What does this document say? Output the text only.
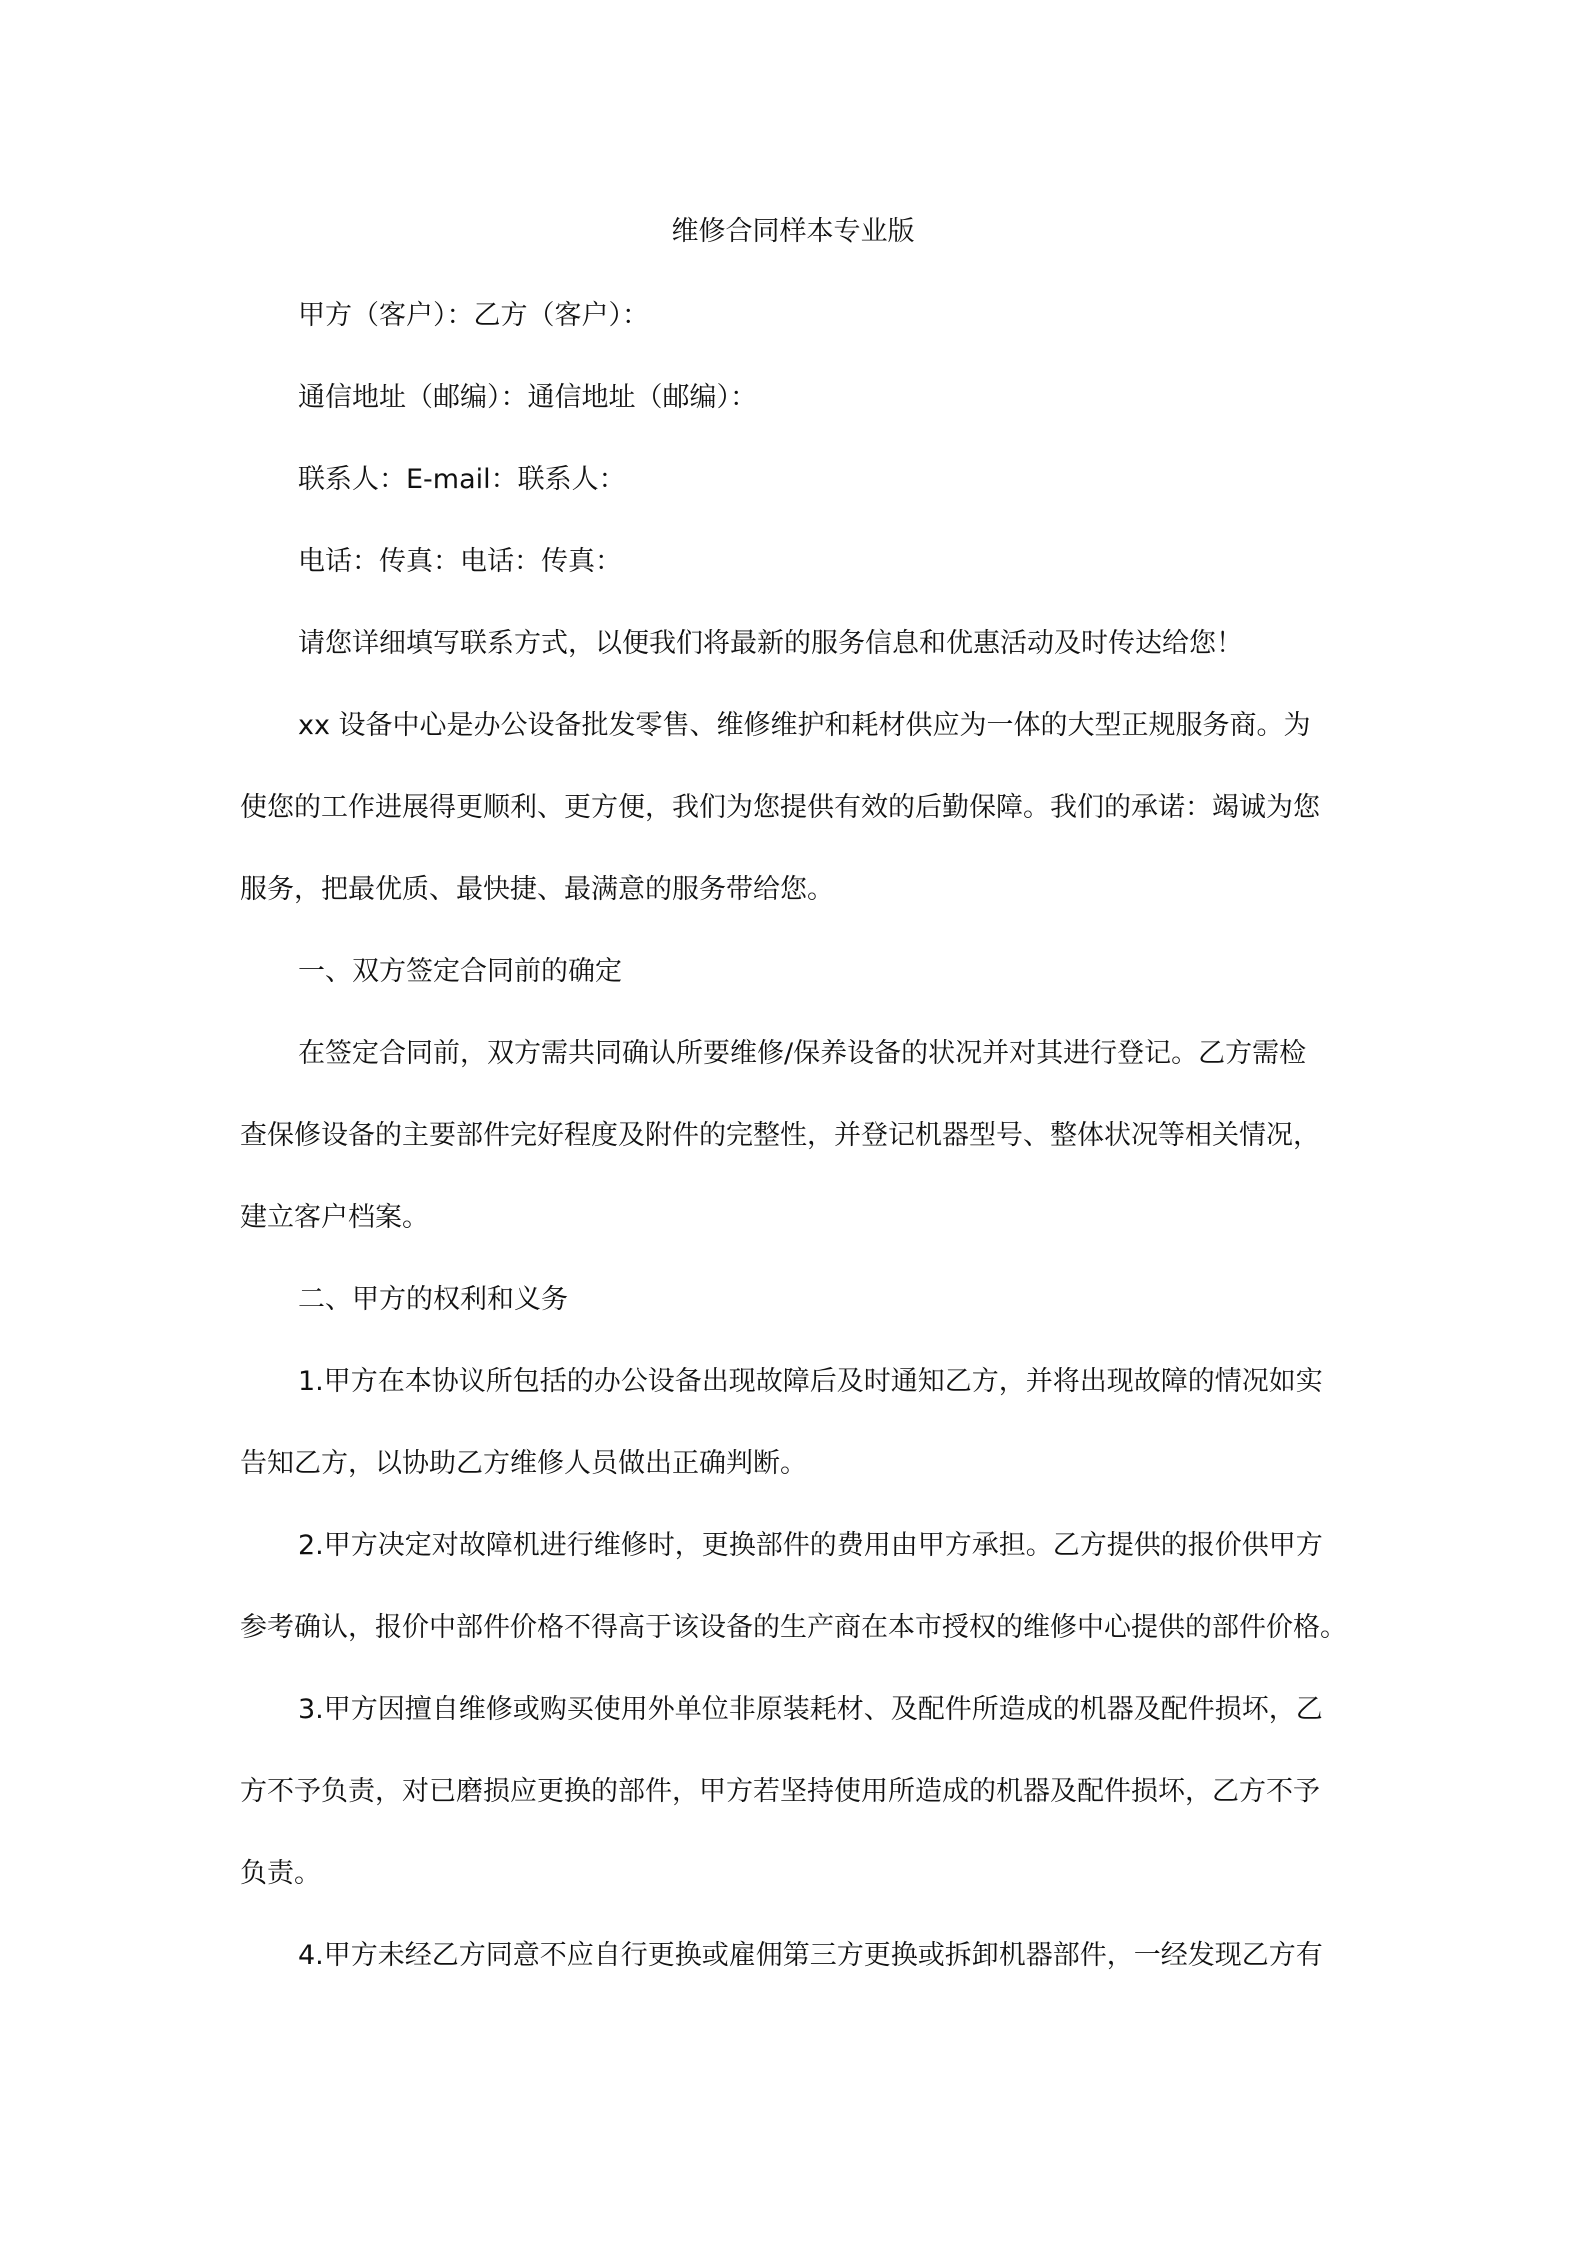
维修合同样本专业版
甲方（客户）：乙方（客户）：
通信地址（邮编）：通信地址（邮编）：
联系人：E-mail：联系人：
电话：传真：电话：传真：
请您详细填写联系方式，以便我们将最新的服务信息和优惠活动及时传达给您！
xx 设备中心是办公设备批发零售、维修维护和耗材供应为一体的大型正规服务商。为
使您的工作进展得更顺利、更方便，我们为您提供有效的后勤保障。我们的承诺：竭诚为您
服务，把最优质、最快捷、最满意的服务带给您。
一、双方签定合同前的确定
在签定合同前，双方需共同确认所要维修/保养设备的状况并对其进行登记。乙方需检
查保修设备的主要部件完好程度及附件的完整性，并登记机器型号、整体状况等相关情况，
建立客户档案。
二、甲方的权利和义务
1.甲方在本协议所包括的办公设备出现故障后及时通知乙方，并将出现故障的情况如实
告知乙方，以协助乙方维修人员做出正确判断。
2.甲方决定对故障机进行维修时，更换部件的费用由甲方承担。乙方提供的报价供甲方
参考确认，报价中部件价格不得高于该设备的生产商在本市授权的维修中心提供的部件价格。
3.甲方因擅自维修或购买使用外单位非原装耗材、及配件所造成的机器及配件损坏，乙
方不予负责，对已磨损应更换的部件，甲方若坚持使用所造成的机器及配件损坏，乙方不予
负责。
4.甲方未经乙方同意不应自行更换或雇佣第三方更换或拆卸机器部件，一经发现乙方有
